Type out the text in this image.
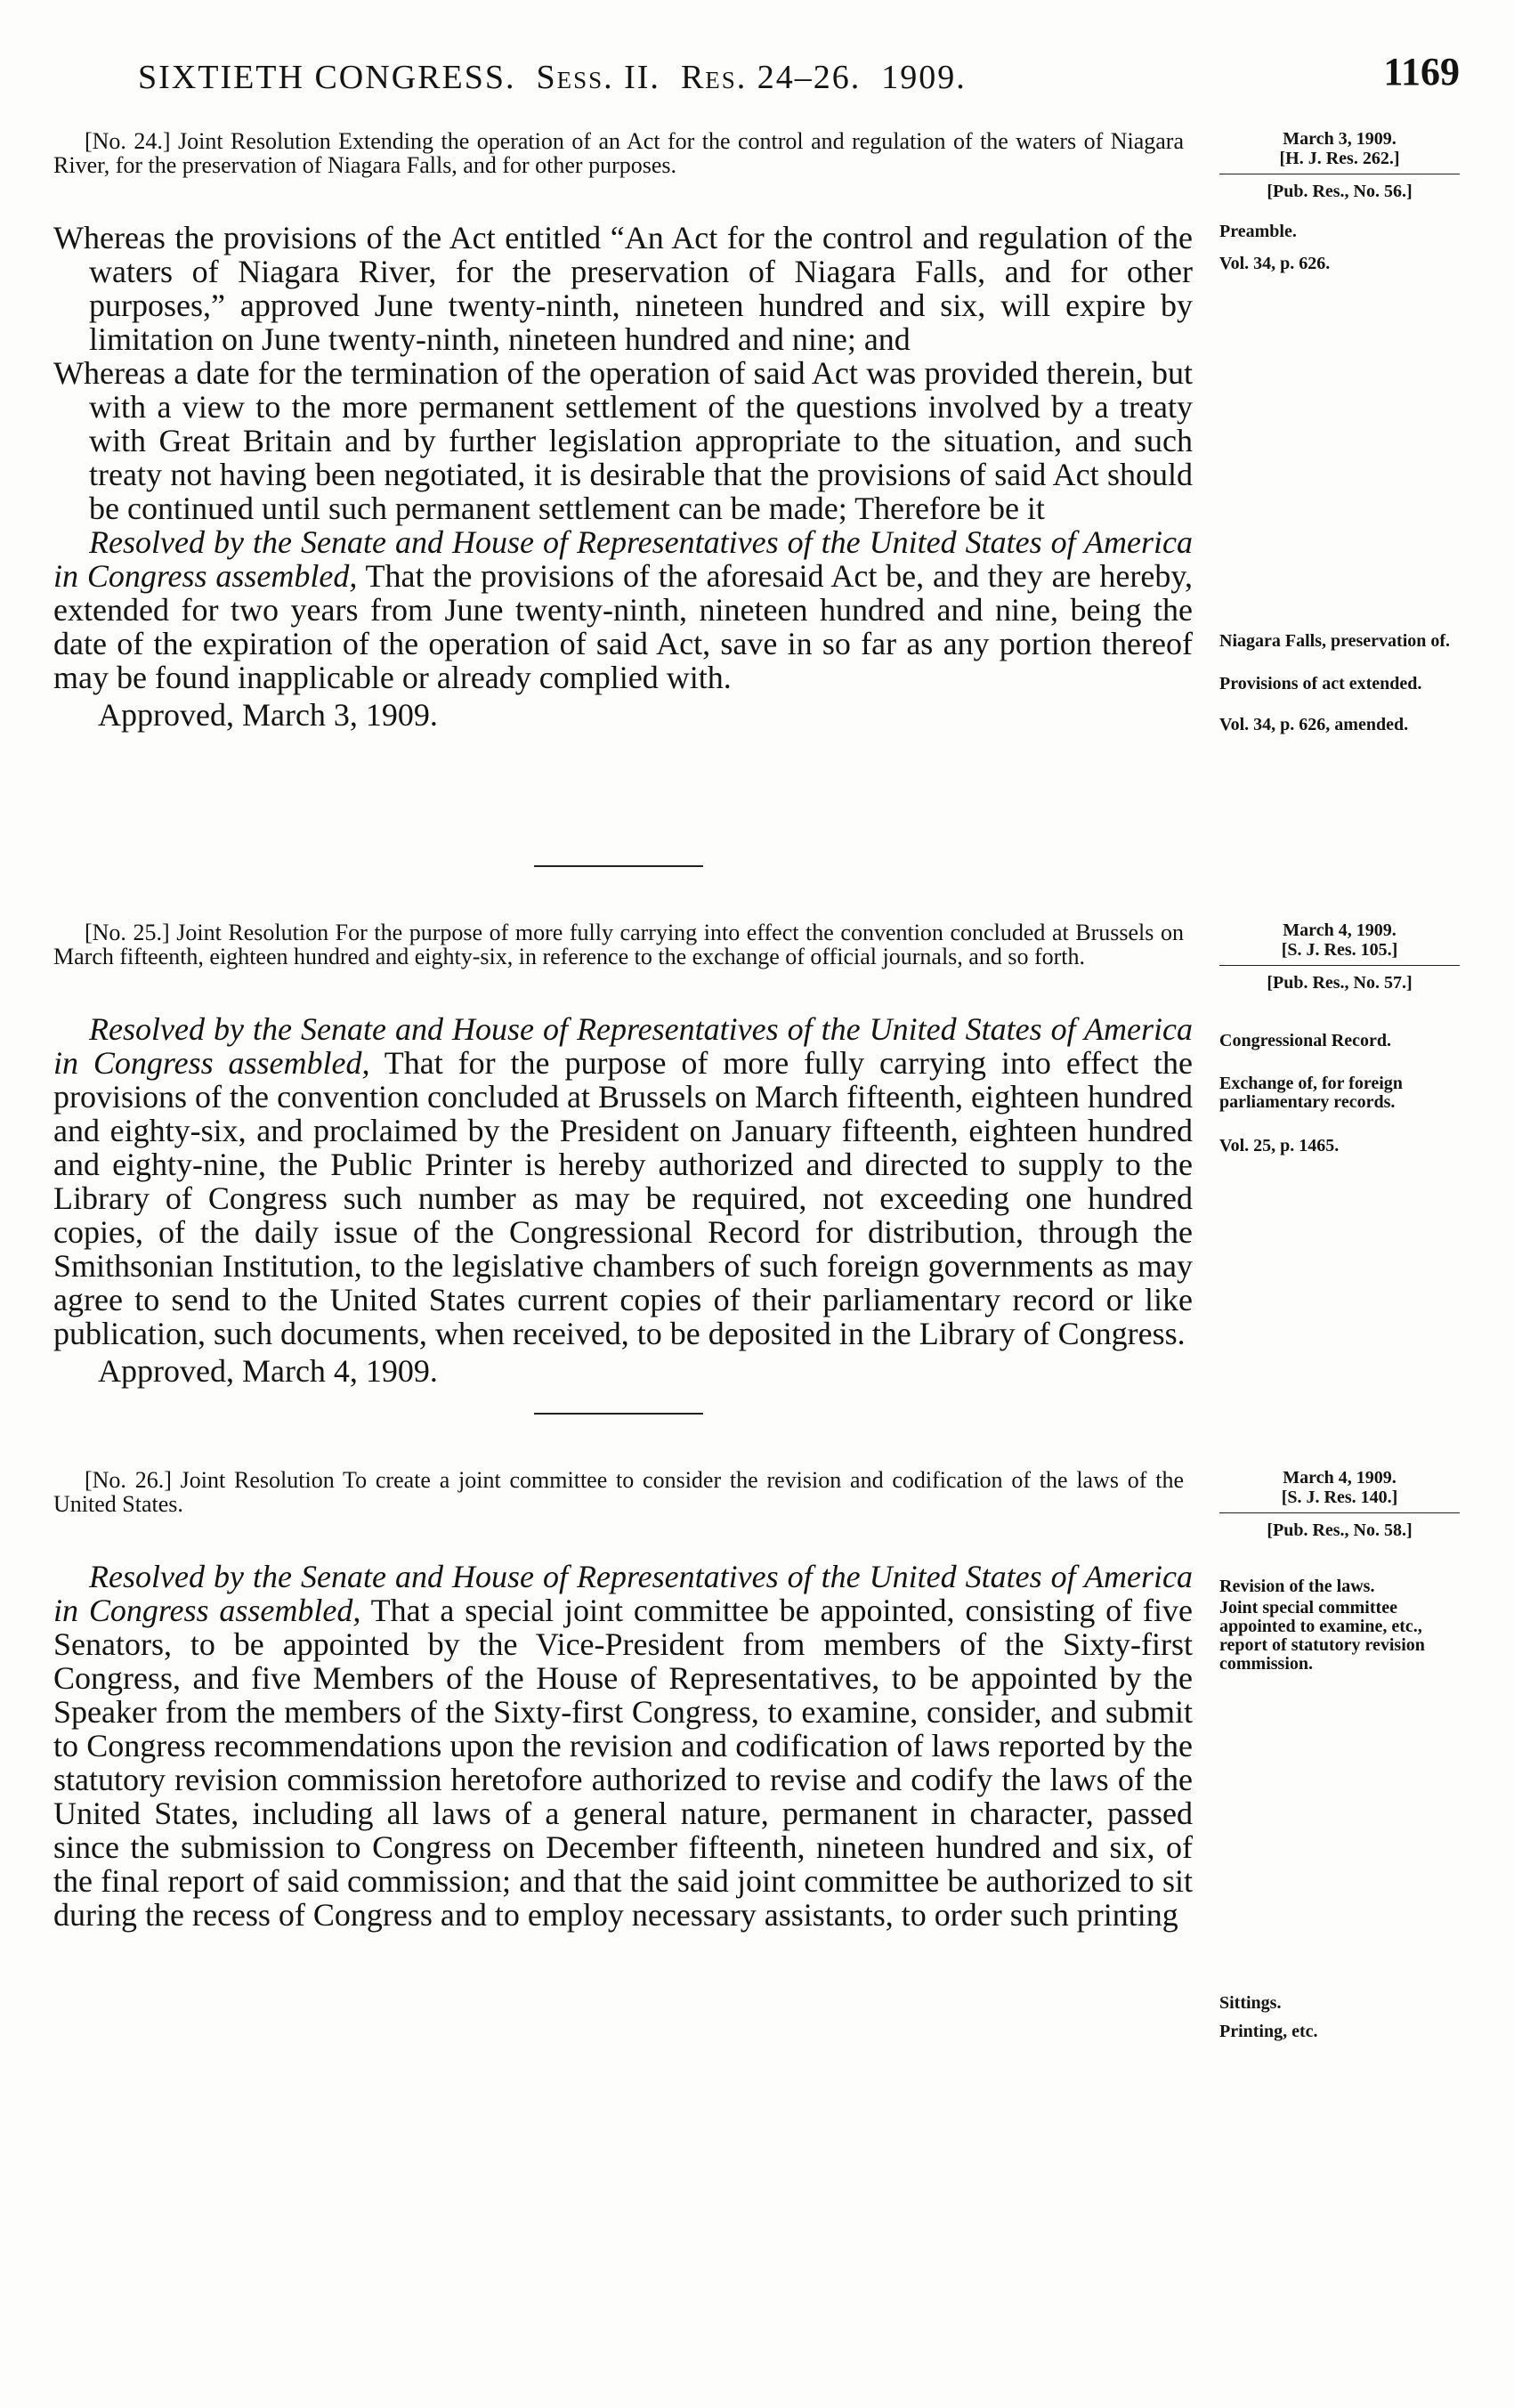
SIXTIETH CONGRESS. Sess. II. Res. 24–26. 1909.	1169
[No. 24.] Joint Resolution Extending the operation of an Act for the control and regulation of the waters of Niagara River, for the preservation of Niagara Falls, and for other purposes.
March 3, 1909.
[H. J. Res. 262.]
[Pub. Res., No. 56.]

Whereas the provisions of the Act entitled “An Act for the control and regulation of the waters of Niagara River, for the preservation of Niagara Falls, and for other purposes,” approved June twenty-ninth, nineteen hundred and six, will expire by limitation on June twenty-ninth, nineteen hundred and nine; and

Whereas a date for the termination of the operation of said Act was provided therein, but with a view to the more permanent settlement of the questions involved by a treaty with Great Britain and by further legislation appropriate to the situation, and such treaty not having been negotiated, it is desirable that the provisions of said Act should be continued until such permanent settlement can be made; Therefore be it

Resolved by the Senate and House of Representatives of the United States of America in Congress assembled, That the provisions of the aforesaid Act be, and they are hereby, extended for two years from June twenty-ninth, nineteen hundred and nine, being the date of the expiration of the operation of said Act, save in so far as any portion thereof may be found inapplicable or already complied with.

Approved, March 3, 1909.

Preamble.
Vol. 34, p. 626.
Niagara Falls, preservation of.
Provisions of act extended.
Vol. 34, p. 626, amended.
[No. 25.] Joint Resolution For the purpose of more fully carrying into effect the convention concluded at Brussels on March fifteenth, eighteen hundred and eighty-six, in reference to the exchange of official journals, and so forth.
March 4, 1909.
[S. J. Res. 105.]
[Pub. Res., No. 57.]

Resolved by the Senate and House of Representatives of the United States of America in Congress assembled, That for the purpose of more fully carrying into effect the provisions of the convention concluded at Brussels on March fifteenth, eighteen hundred and eighty-six, and proclaimed by the President on January fifteenth, eighteen hundred and eighty-nine, the Public Printer is hereby authorized and directed to supply to the Library of Congress such number as may be required, not exceeding one hundred copies, of the daily issue of the Congressional Record for distribution, through the Smithsonian Institution, to the legislative chambers of such foreign governments as may agree to send to the United States current copies of their parliamentary record or like publication, such documents, when received, to be deposited in the Library of Congress.

Approved, March 4, 1909.

Congressional Record.
Exchange of, for foreign parliamentary records.
Vol. 25, p. 1465.
[No. 26.] Joint Resolution To create a joint committee to consider the revision and codification of the laws of the United States.
March 4, 1909.
[S. J. Res. 140.]
[Pub. Res., No. 58.]

Resolved by the Senate and House of Representatives of the United States of America in Congress assembled, That a special joint committee be appointed, consisting of five Senators, to be appointed by the Vice-President from members of the Sixty-first Congress, and five Members of the House of Representatives, to be appointed by the Speaker from the members of the Sixty-first Congress, to examine, consider, and submit to Congress recommendations upon the revision and codification of laws reported by the statutory revision commission heretofore authorized to revise and codify the laws of the United States, including all laws of a general nature, permanent in character, passed since the submission to Congress on December fifteenth, nineteen hundred and six, of the final report of said commission; and that the said joint committee be authorized to sit during the recess of Congress and to employ necessary assistants, to order such printing

Revision of the laws.
Joint special committee appointed to examine, etc., report of statutory revision commission.
Sittings.
Printing, etc.
